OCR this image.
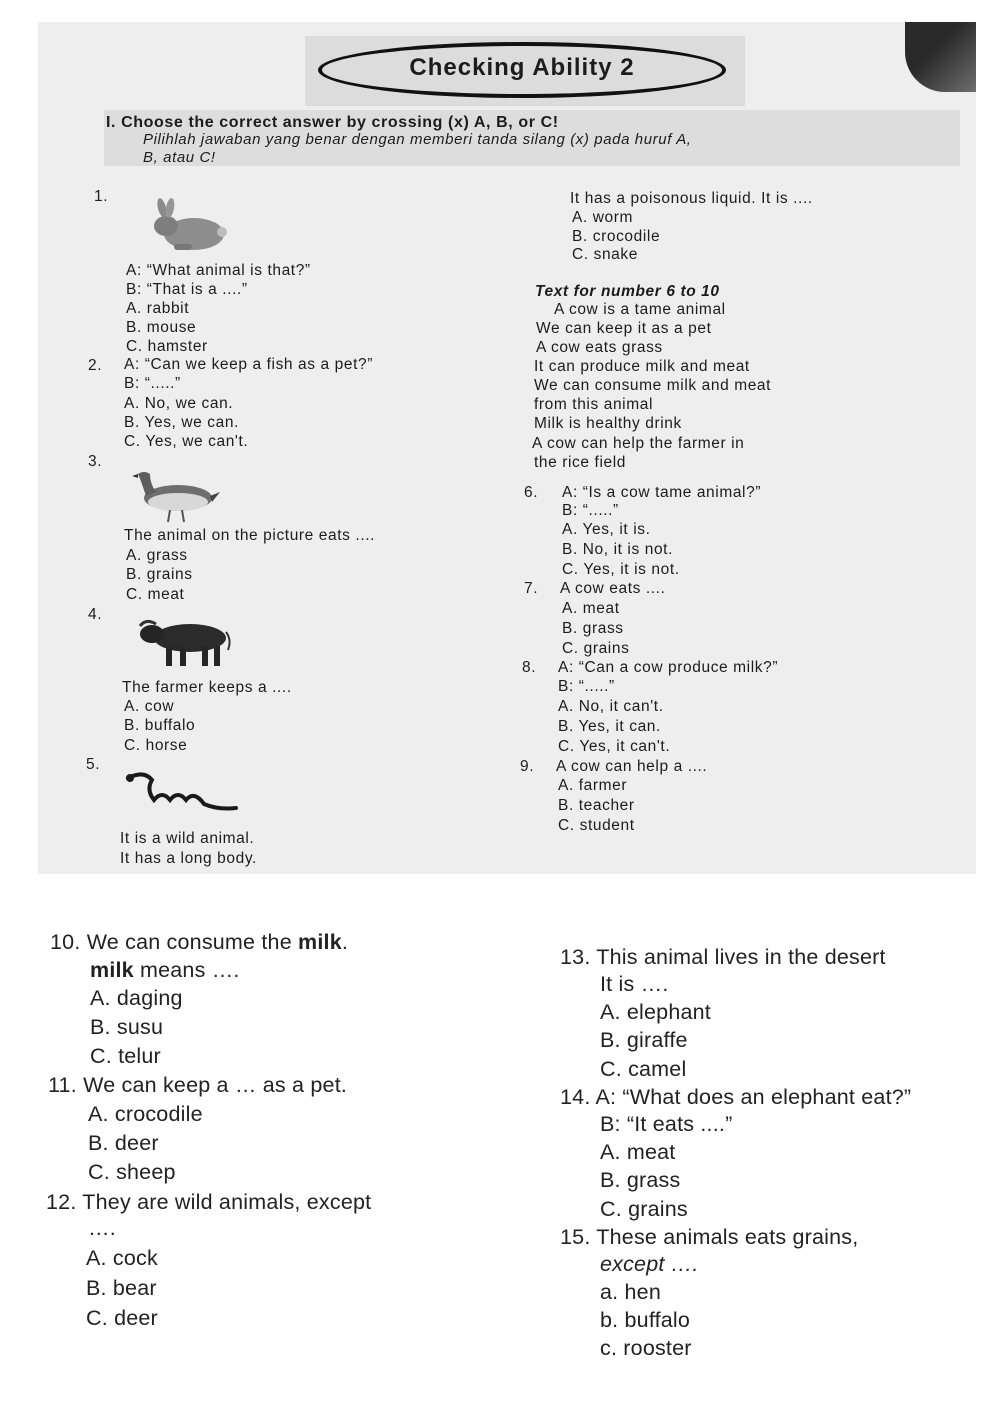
Checking Ability 2
I. Choose the correct answer by crossing (x) A, B, or C!
Pilihlah jawaban yang benar dengan memberi tanda silang (x) pada huruf A,
B, atau C!
1.
A: “What animal is that?”
B: “That is a ....”
A. rabbit
B. mouse
C. hamster
2. A: “Can we keep a fish as a pet?”
B: “.....”
A. No, we can.
B. Yes, we can.
C. Yes, we can't.
3.
The animal on the picture eats ....
A. grass
B. grains
C. meat
4.
The farmer keeps a ....
A. cow
B. buffalo
C. horse
5.
It is a wild animal.
It has a long body.
It has a poisonous liquid. It is ....
A. worm
B. crocodile
C. snake
Text for number 6 to 10
A cow is a tame animal
We can keep it as a pet
A cow eats grass
It can produce milk and meat
We can consume milk and meat
from this animal
Milk is healthy drink
A cow can help the farmer in
the rice field
6. A: “Is a cow tame animal?”
B: “.....”
A. Yes, it is.
B. No, it is not.
C. Yes, it is not.
7. A cow eats ....
A. meat
B. grass
C. grains
8. A: “Can a cow produce milk?”
B: “.....”
A. No, it can't.
B. Yes, it can.
C. Yes, it can't.
9. A cow can help a ....
A. farmer
B. teacher
C. student
10. We can consume the milk.
milk means ….
A. daging
B. susu
C. telur
11. We can keep a … as a pet.
A. crocodile
B. deer
C. sheep
12. They are wild animals, except
….
A. cock
B. bear
C. deer
13. This animal lives in the desert
It is ….
A. elephant
B. giraffe
C. camel
14. A: “What does an elephant eat?”
B: “It eats ....”
A. meat
B. grass
C. grains
15. These animals eats grains,
except ….
a. hen
b. buffalo
c. rooster
